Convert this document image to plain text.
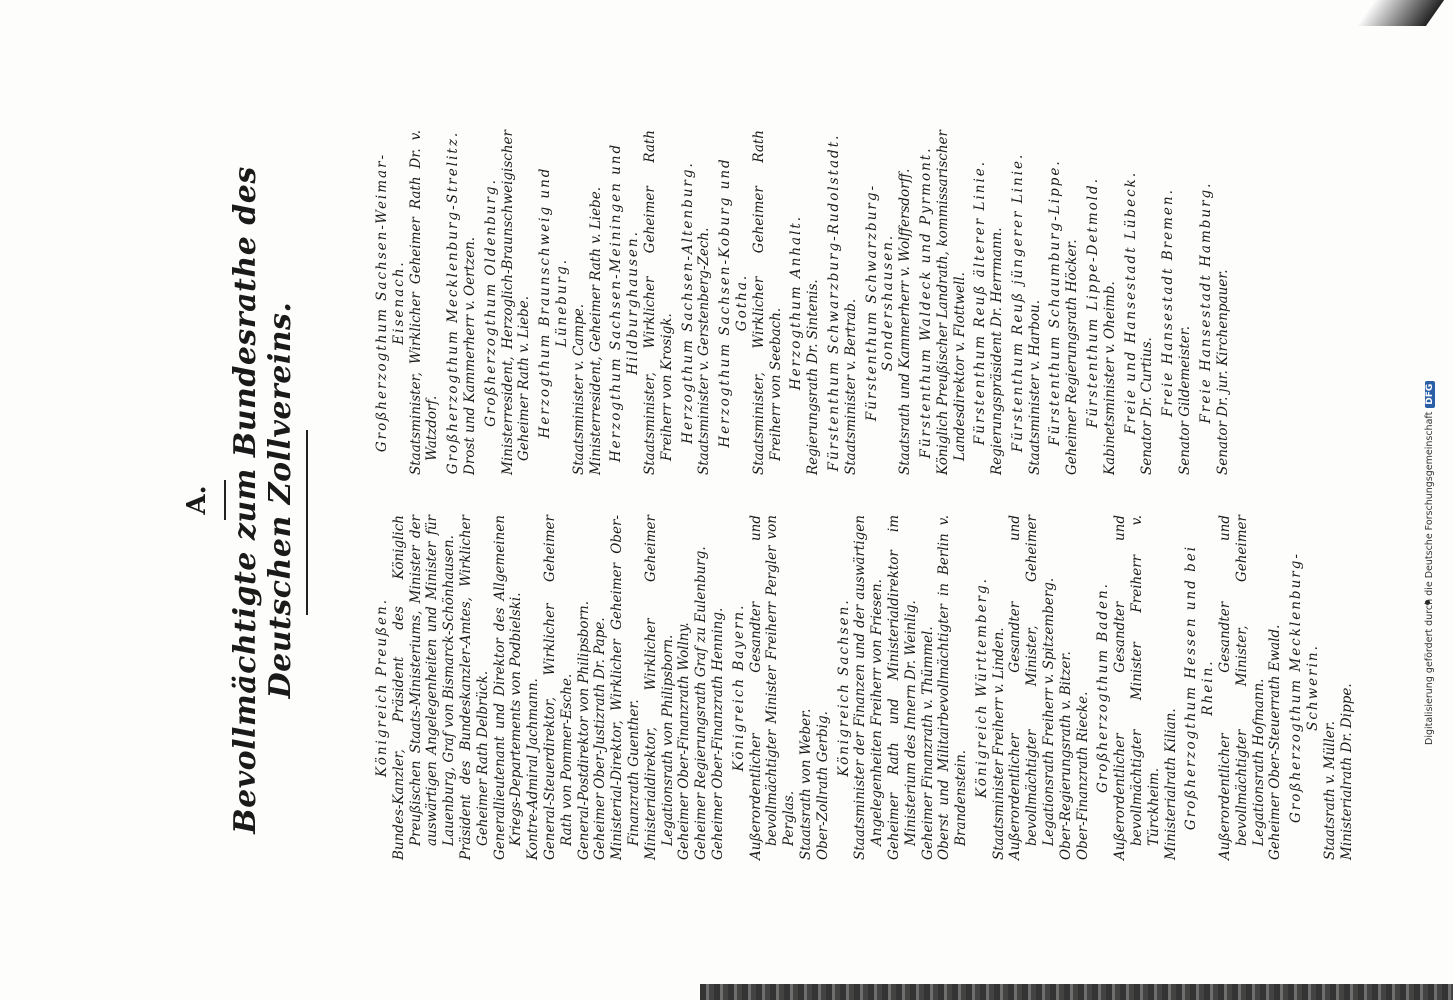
A. Bevollmächtigte zum Bundesrathe des Deutschen Zollvereins.	Königreich Preußen. Bundes-Kanzler, Präsident des Königlich Preußischen Staats-Ministeriums, Minister der auswärtigen Angelegenheiten und Minister für Lauenburg, Graf von Bismarck-Schönhausen. Präsident des Bundeskanzler-Amtes, Wirklicher Geheimer Rath Delbrück. Generallieutenant und Direktor des Allgemeinen Kriegs-Departements von Podbielski. Kontre-Admiral Jachmann. General-Steuerdirektor, Wirklicher Geheimer Rath von Pommer-Esche. General-Postdirektor von Philipsborn. Geheimer Ober-Justizrath Dr. Pape. Ministerial-Direktor, Wirklicher Geheimer Ober-Finanzrath Guenther. Ministerialdirektor, Wirklicher Geheimer Legationsrath von Philipsborn. Geheimer Ober-Finanzrath Wollny. Geheimer Regierungsrath Graf zu Eulenburg. Geheimer Ober-Finanzrath Henning. Königreich Bayern. Außerordentlicher Gesandter und bevollmächtigter Minister Freiherr Pergler von Perglas. Staatsrath von Weber. Ober-Zollrath Gerbig.
Königreich Sachsen. Staatsminister der Finanzen und der auswärtigen Angelegenheiten Freiherr von Friesen. Geheimer Rath und Ministerialdirektor im Ministerium des Innern Dr. Weinlig. Geheimer Finanzrath v. Thümmel. Oberst und Militairbevollmächtigter in Berlin v. Brandenstein. Königreich Württemberg. Staatsminister Freiherr v. Linden. Außerordentlicher Gesandter und bevollmächtigter Minister, Geheimer Legationsrath Freiherr v. Spitzemberg. Ober-Regierungsrath v. Bitzer. Ober-Finanzrath Riecke. Großherzogthum Baden. Außerordentlicher Gesandter und bevollmächtigter Minister Freiherr v. Türckheim. Ministerialrath Kilian. Großherzogthum Hessen und bei Rhein. Außerordentlicher Gesandter und bevollmächtigter Minister, Geheimer Legationsrath Hofmann. Geheimer Ober-Steuerrath Ewald. Großherzogthum Mecklenburg-Schwerin.
Staatsrath v. Müller. Ministerialrath Dr. Dippe.
Großherzogthum Sachsen-Weimar-Eisenach. Staatsminister, Wirklicher Geheimer Rath Dr. v. Watzdorf. Großherzogthum Mecklenburg-Strelitz. Drost und Kammerherr v. Oertzen. Großherzogthum Oldenburg. Ministerresident, Herzoglich-Braunschweigischer Geheimer Rath v. Liebe. Herzogthum Braunschweig und Lüneburg.
Staatsminister v. Campe. Ministerresident, Geheimer Rath v. Liebe. Herzogthum Sachsen-Meiningen und Hildburghausen. Staatsminister, Wirklicher Geheimer Rath Freiherr von Krosigk. Herzogthum Sachsen-Altenburg. Staatsminister v. Gerstenberg-Zech. Herzogthum Sachsen-Koburg und Gotha. Staatsminister, Wirklicher Geheimer Rath Freiherr von Seebach. Herzogthum Anhalt. Regierungsrath Dr. Sintenis. Fürstenthum Schwarzburg-Rudolstadt. Staatsminister v. Bertrab. Fürstenthum Schwarzburg-Sondershausen. Staatsrath und Kammerherr v. Wolffersdorff. Fürstenthum Waldeck und Pyrmont. Königlich Preußischer Landrath, kommissarischer Landesdirektor v. Flottwell. Fürstenthum Reuß älterer Linie. Regierungspräsident Dr. Herrmann. Fürstenthum Reuß jüngerer Linie. Staatsminister v. Harbou. Fürstenthum Schaumburg-Lippe. Geheimer Regierungsrath Höcker. Fürstenthum Lippe-Detmold. Kabinetsminister v. Oheimb. Freie und Hansestadt Lübeck. Senator Dr. Curtius. Freie Hansestadt Bremen. Senator Gildemeister. Freie Hansestadt Hamburg. Senator Dr. jur. Kirchenpauer.
Digitalisierung gefördert durch die Deutsche ForschungsgemeinschaftDFG
